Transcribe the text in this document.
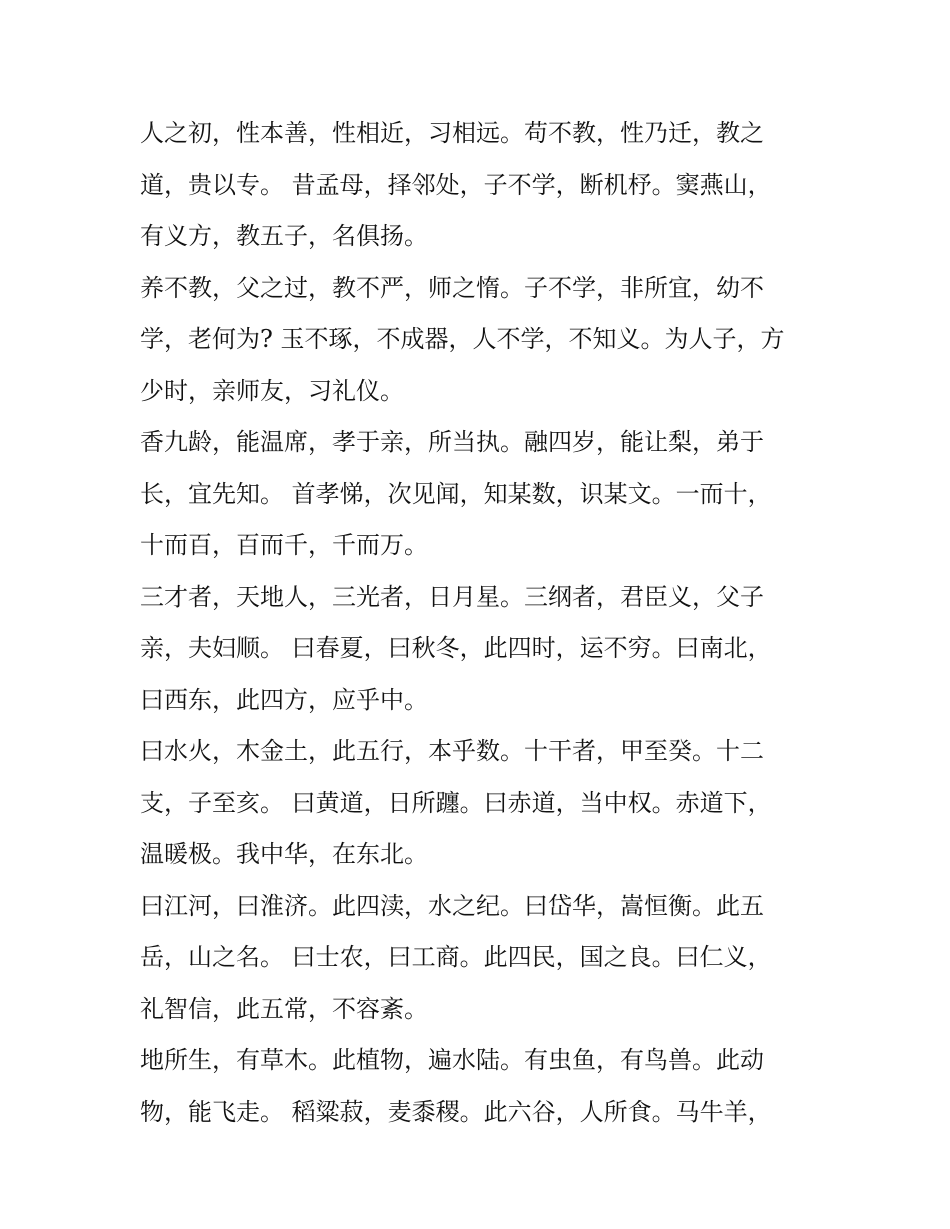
人之初，性本善，性相近，习相远。苟不教，性乃迁，教之
道，贵以专。 昔孟母，择邻处，子不学，断机杼。窦燕山，
有义方，教五子，名俱扬。

养不教，父之过，教不严，师之惰。子不学，非所宜，幼不
学，老何为? 玉不琢，不成器，人不学，不知义。为人子，方
少时，亲师友，习礼仪。

香九龄，能温席，孝于亲，所当执。融四岁，能让梨，弟于
长，宜先知。 首孝悌，次见闻，知某数，识某文。一而十，
十而百，百而千，千而万。

三才者，天地人，三光者，日月星。三纲者，君臣义，父子
亲，夫妇顺。 曰春夏，曰秋冬，此四时，运不穷。曰南北，
曰西东，此四方，应乎中。

曰水火，木金土，此五行，本乎数。十干者，甲至癸。十二
支，子至亥。 曰黄道，日所躔。曰赤道，当中权。赤道下，
温暖极。我中华，在东北。

曰江河，曰淮济。此四渎，水之纪。曰岱华，嵩恒衡。此五
岳，山之名。 曰士农，曰工商。此四民，国之良。曰仁义，
礼智信，此五常，不容紊。

地所生，有草木。此植物，遍水陆。有虫鱼，有鸟兽。此动
物，能飞走。 稻粱菽，麦黍稷。此六谷，人所食。马牛羊，
